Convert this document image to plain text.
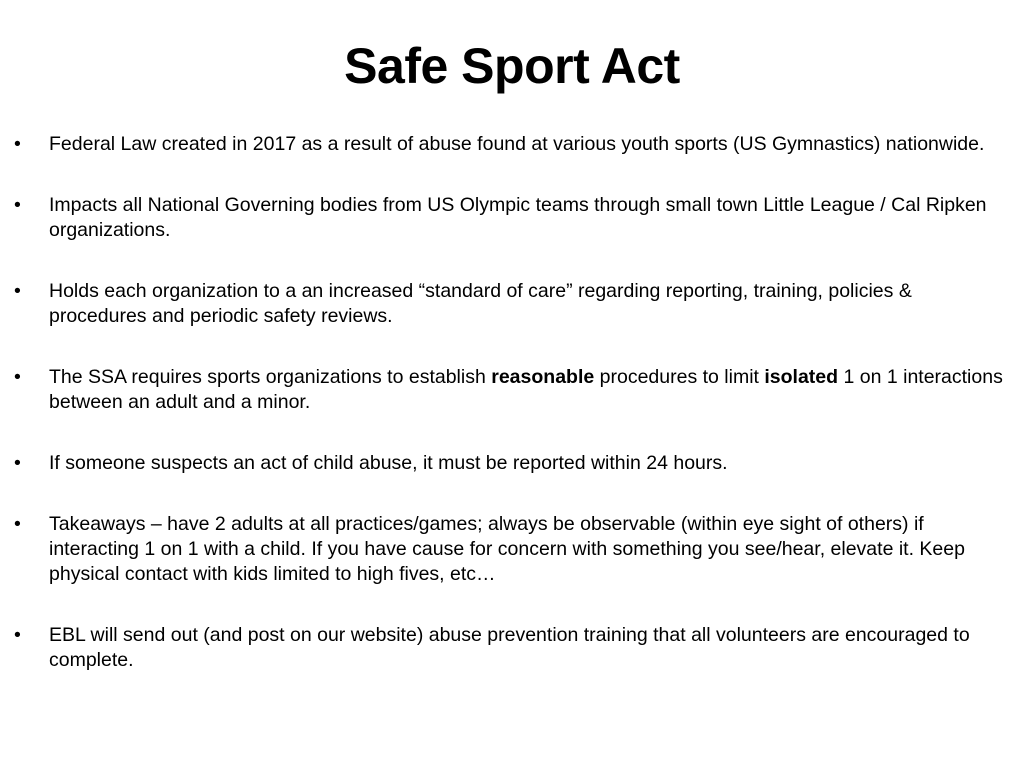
Safe Sport Act
• Federal Law created in 2017 as a result of abuse found at various youth sports (US Gymnastics) nationwide.
• Impacts all National Governing bodies from US Olympic teams through small town Little League / Cal Ripken organizations.
• Holds each organization to a an increased “standard of care” regarding reporting, training, policies & procedures and periodic safety reviews.
• The SSA requires sports organizations to establish reasonable procedures to limit isolated 1 on 1 interactions between an adult and a minor.
• If someone suspects an act of child abuse, it must be reported within 24 hours.
• Takeaways – have 2 adults at all practices/games; always be observable (within eye sight of others) if interacting 1 on 1 with a child. If you have cause for concern with something you see/hear, elevate it. Keep physical contact with kids limited to high fives, etc…
• EBL will send out (and post on our website) abuse prevention training that all volunteers are encouraged to complete.
